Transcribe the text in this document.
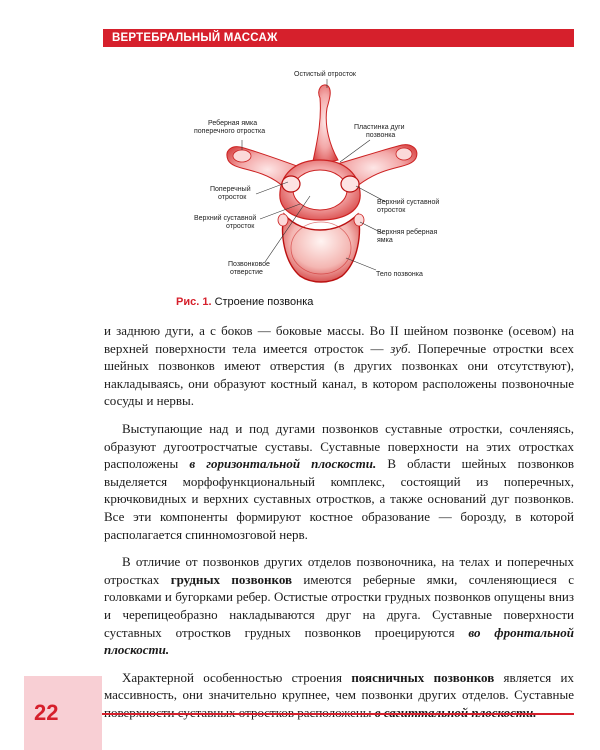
ВЕРТЕБРАЛЬНЫЙ МАССАЖ
Остистый отросток
Реберная ямка
поперечного отростка
Пластинка дуги
позвонка
Поперечный
отросток
Верхний суставной
отросток
Верхний суставной
отросток
Верхняя реберная
ямка
Позвонковое
отверстие	Тело позвонка
Рис. 1. Строение позвонка

и заднюю дуги, а с боков — боковые массы. Во II шейном позвонке (осевом) на верхней поверхности тела имеется отросток — зуб. Поперечные отростки всех шейных позвонков имеют отверстия (в других позвонках они отсутствуют), накладываясь, они образуют костный канал, в котором расположены позвоночные сосуды и нервы.

Выступающие над и под дугами позвонков суставные отростки, сочленяясь, образуют дугоотростчатые суставы. Суставные поверхности на этих отростках расположены в горизонтальной плоскости. В области шейных позвонков выделяется морфофункциональный комплекс, состоящий из поперечных, крючковидных и верхних суставных отростков, а также оснований дуг позвонков. Все эти компоненты формируют костное образование — борозду, в которой располагается спинномозговой нерв.

В отличие от позвонков других отделов позвоночника, на телах и поперечных отростках грудных позвонков имеются реберные ямки, сочленяющиеся с головками и бугорками ребер. Остистые отростки грудных позвонков опущены вниз и черепицеобразно накладываются друг на друга. Суставные поверхности суставных отростков грудных позвонков проецируются во фронтальной плоскости.

Характерной особенностью строения поясничных позвонков является их массивность, они значительно крупнее, чем позвонки других отделов. Суставные

22
